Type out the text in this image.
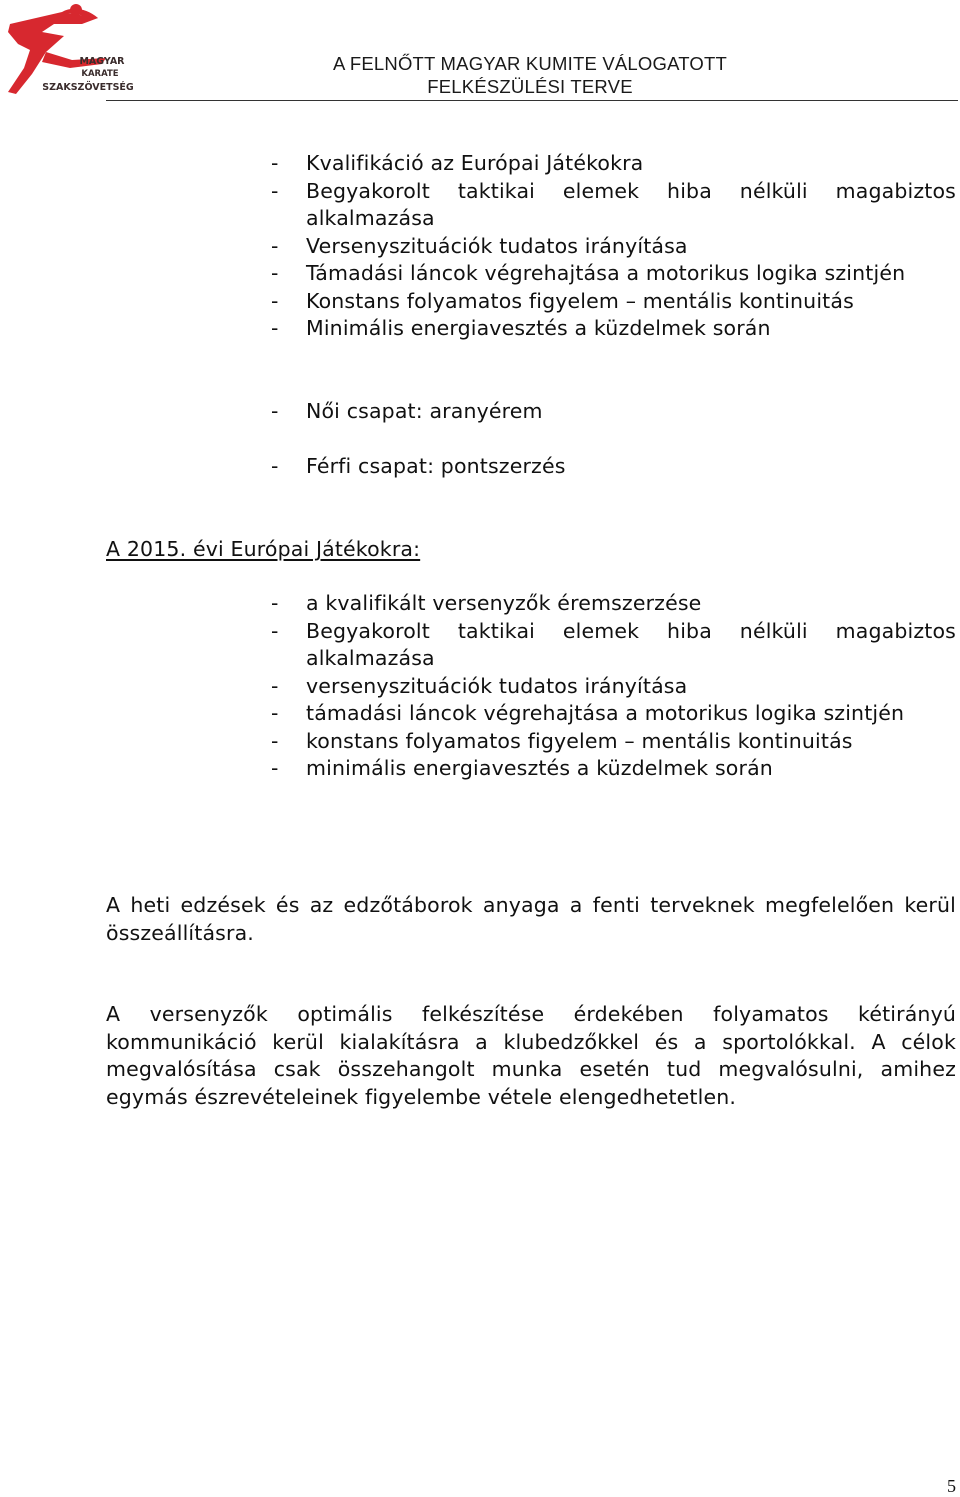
MAGYAR
KARATE
SZAKSZÖVETSÉG
A FELNŐTT MAGYAR KUMITE VÁLOGATOTT
FELKÉSZÜLÉSI TERVE
- Kvalifikáció az Európai Játékokra
- Begyakorolt taktikai elemek hiba nélküli magabiztos alkalmazása
- Versenyszituációk tudatos irányítása
- Támadási láncok végrehajtása a motorikus logika szintjén
- Konstans folyamatos figyelem – mentális kontinuitás
- Minimális energiavesztés a küzdelmek során
- Női csapat: aranyérem
- Férfi csapat: pontszerzés
A 2015. évi Európai Játékokra:
- a kvalifikált versenyzők éremszerzése
- Begyakorolt taktikai elemek hiba nélküli magabiztos alkalmazása
- versenyszituációk tudatos irányítása
- támadási láncok végrehajtása a motorikus logika szintjén
- konstans folyamatos figyelem – mentális kontinuitás
- minimális energiavesztés a küzdelmek során

A heti edzések és az edzőtáborok anyaga a fenti terveknek megfelelően kerül összeállításra.

A versenyzők optimális felkészítése érdekében folyamatos kétirányú kommunikáció kerül kialakításra a klubedzőkkel és a sportolókkal. A célok megvalósítása csak összehangolt munka esetén tud megvalósulni, amihez egymás észrevételeinek figyelembe vétele elengedhetetlen.

5
